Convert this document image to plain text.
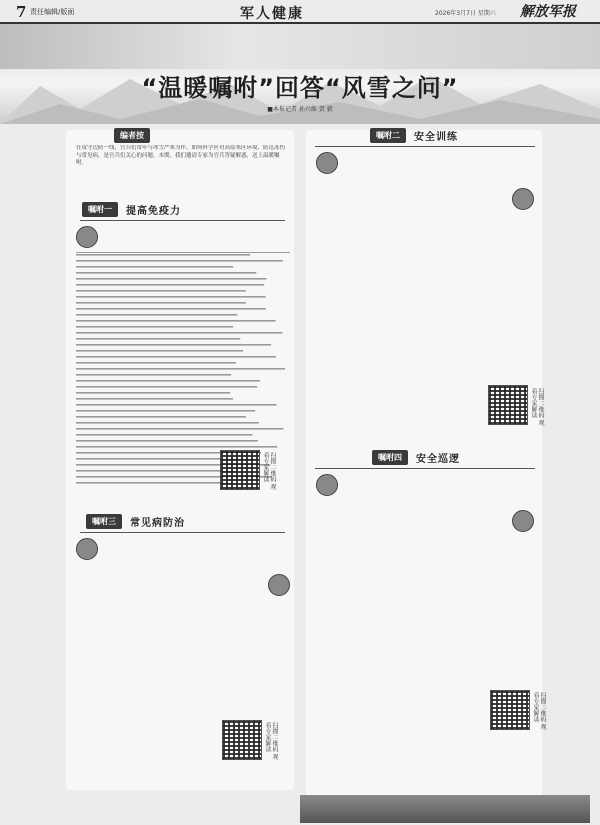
7 责任编辑/版面	军人健康	2026年3月7日 星期六 解放军报
“温暖嘱咐”回答“风雪之问”
■本报记者 孙兴维 贺 毅
编者按
在戍守边防一线，官兵们常年与冰雪严寒为伴。如何科学应对高原寒区环境、防范冻伤与常见病，是官兵们关心的问题。本期，我们邀请专家为官兵答疑解惑，送上温暖嘱咐。
嘱咐一	提高免疫力
扫描二维码 观看专家解读
嘱咐三	常见病防治
扫描二维码 观看专家解读
嘱咐二	安全训练
扫描二维码 观看专家解读
嘱咐四	安全巡逻
扫描二维码 观看专家解读
